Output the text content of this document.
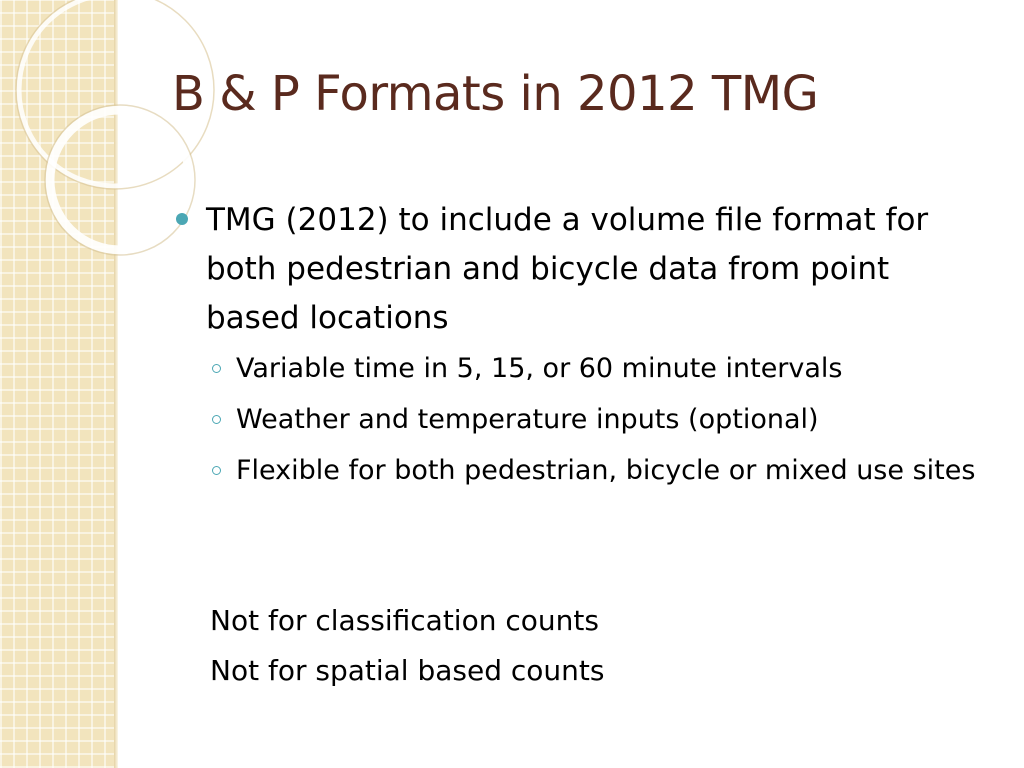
B & P Formats in 2012 TMG
TMG (2012) to include a volume file format for both pedestrian and bicycle data from point based locations
Variable time in 5, 15, or 60 minute intervals
Weather and temperature inputs (optional)
Flexible for both pedestrian, bicycle or mixed use sites
Not for classification counts
Not for spatial based counts
